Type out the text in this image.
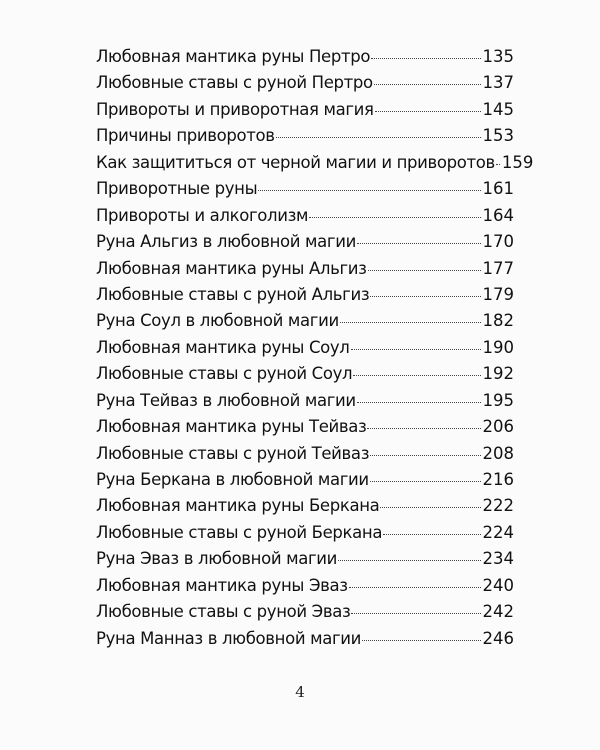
Любовная мантика руны Пертро	135
Любовные ставы с руной Пертро	137
Привороты и приворотная магия	145
Причины приворотов	153
Как защититься от черной магии и приворотов 159
Приворотные руны	161
Привороты и алкоголизм	164
Руна Альгиз в любовной магии	170
Любовная мантика руны Альгиз	177
Любовные ставы с руной Альгиз	179
Руна Соул в любовной магии	182
Любовная мантика руны Соул	190
Любовные ставы с руной Соул	192
Руна Тейваз в любовной магии	195
Любовная мантика руны Тейваз	206
Любовные ставы с руной Тейваз	208
Руна Беркана в любовной магии	216
Любовная мантика руны Беркана	222
Любовные ставы с руной Беркана	224
Руна Эваз в любовной магии	234
Любовная мантика руны Эваз	240
Любовные ставы с руной Эваз	242
Руна Манназ в любовной магии	246
4
